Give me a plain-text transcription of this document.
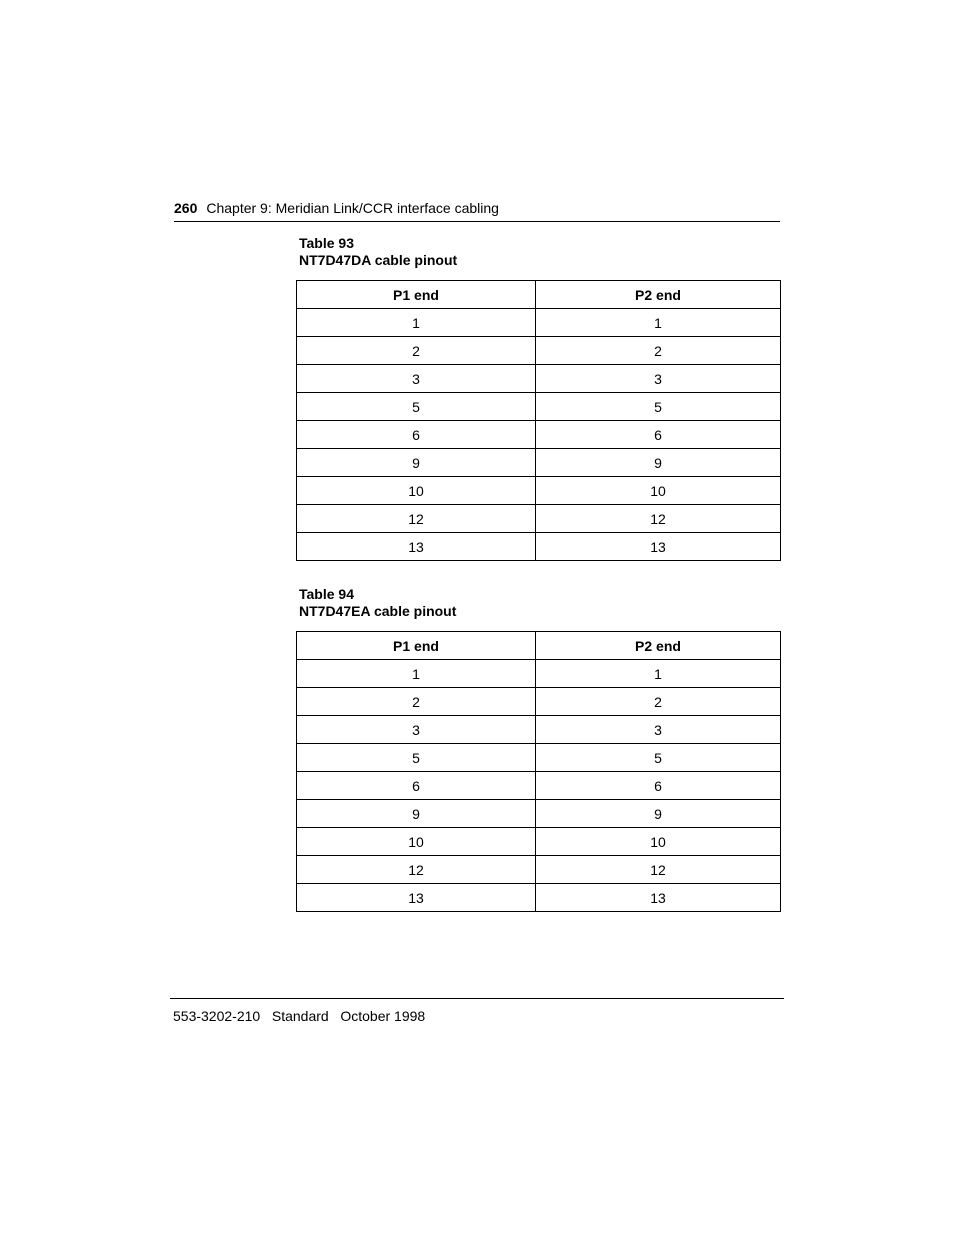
260 Chapter 9: Meridian Link/CCR interface cabling
Table 93
NT7D47DA cable pinout
P1 end	P2 end
1	1
2	2
3	3
5	5
6	6
9	9
10	10
12	12
13	13
Table 94
NT7D47EA cable pinout
P1 end	P2 end
1	1
2	2
3	3
5	5
6	6
9	9
10	10
12	12
13	13
553-3202-210 Standard October 1998
